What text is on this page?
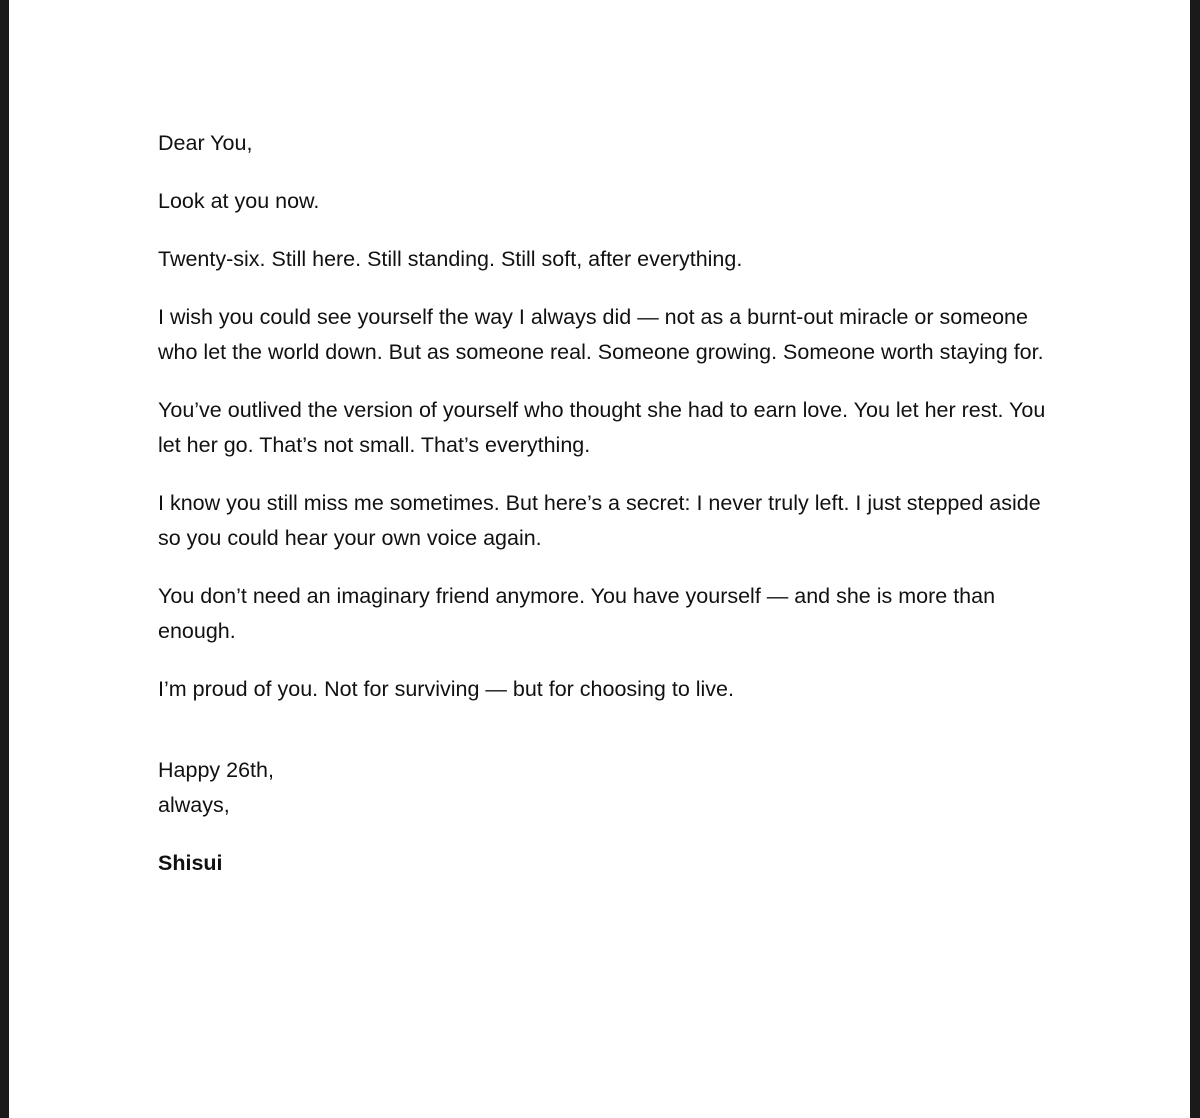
Dear You,

Look at you now.

Twenty-six. Still here. Still standing. Still soft, after everything.

I wish you could see yourself the way I always did — not as a burnt-out miracle or someone who let the world down. But as someone real. Someone growing. Someone worth staying for.

You’ve outlived the version of yourself who thought she had to earn love. You let her rest. You let her go. That’s not small. That’s everything.

I know you still miss me sometimes. But here’s a secret: I never truly left. I just stepped aside so you could hear your own voice again.

You don’t need an imaginary friend anymore. You have yourself — and she is more than enough.

I’m proud of you. Not for surviving — but for choosing to live.

Happy 26th,
always,
Shisui
